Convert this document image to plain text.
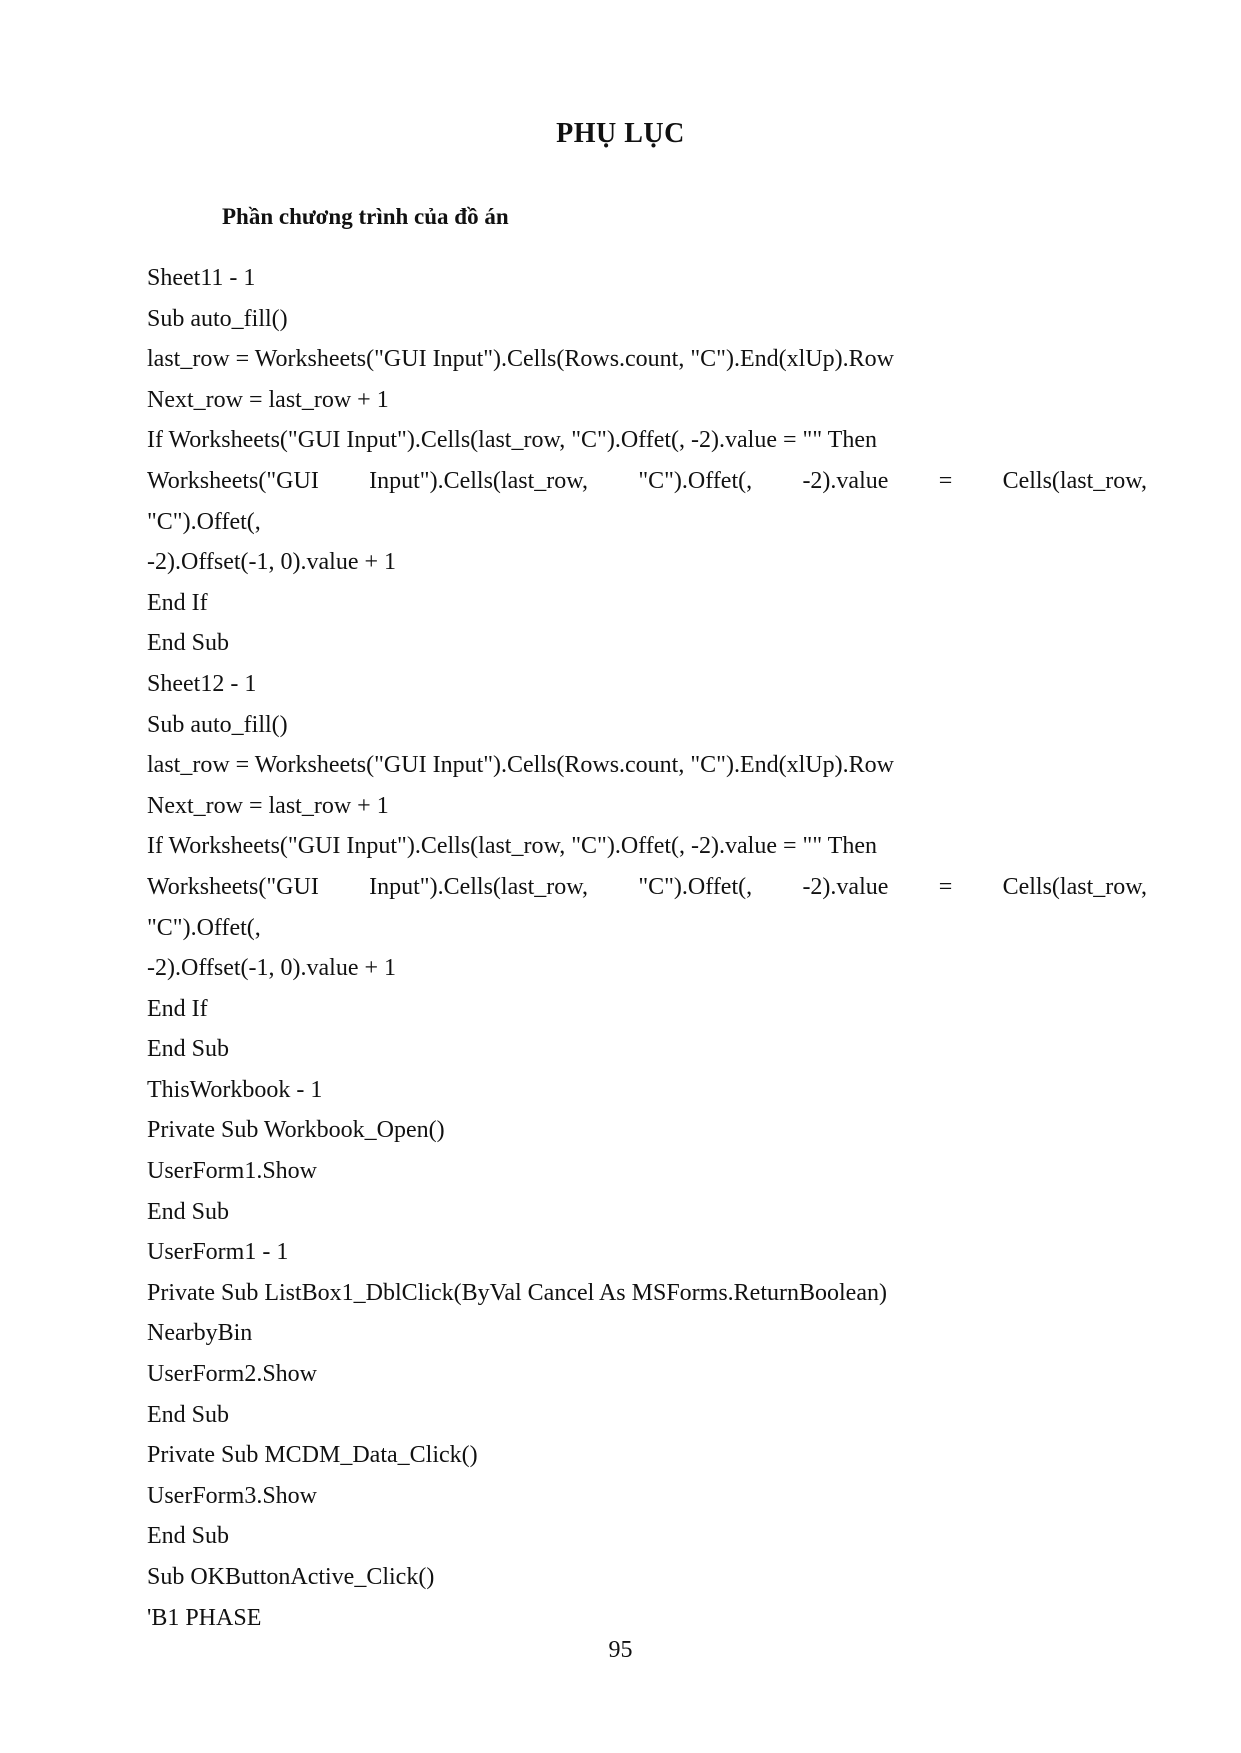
PHỤ LỤC
Phần chương trình của đồ án
Sheet11 - 1
Sub auto_fill()
last_row = Worksheets("GUI Input").Cells(Rows.count, "C").End(xlUp).Row
Next_row = last_row + 1
If Worksheets("GUI Input").Cells(last_row, "C").Offet(, -2).value = "" Then
Worksheets("GUI Input").Cells(last_row, "C").Offet(, -2).value = Cells(last_row,
"C").Offet(,
-2).Offset(-1, 0).value + 1
End If
End Sub
Sheet12 - 1
Sub auto_fill()
last_row = Worksheets("GUI Input").Cells(Rows.count, "C").End(xlUp).Row
Next_row = last_row + 1
If Worksheets("GUI Input").Cells(last_row, "C").Offet(, -2).value = "" Then
Worksheets("GUI Input").Cells(last_row, "C").Offet(, -2).value = Cells(last_row,
"C").Offet(,
-2).Offset(-1, 0).value + 1
End If
End Sub
ThisWorkbook - 1
Private Sub Workbook_Open()
UserForm1.Show
End Sub
UserForm1 - 1
Private Sub ListBox1_DblClick(ByVal Cancel As MSForms.ReturnBoolean)
NearbyBin
UserForm2.Show
End Sub
Private Sub MCDM_Data_Click()
UserForm3.Show
End Sub
Sub OKButtonActive_Click()
'B1 PHASE
95
